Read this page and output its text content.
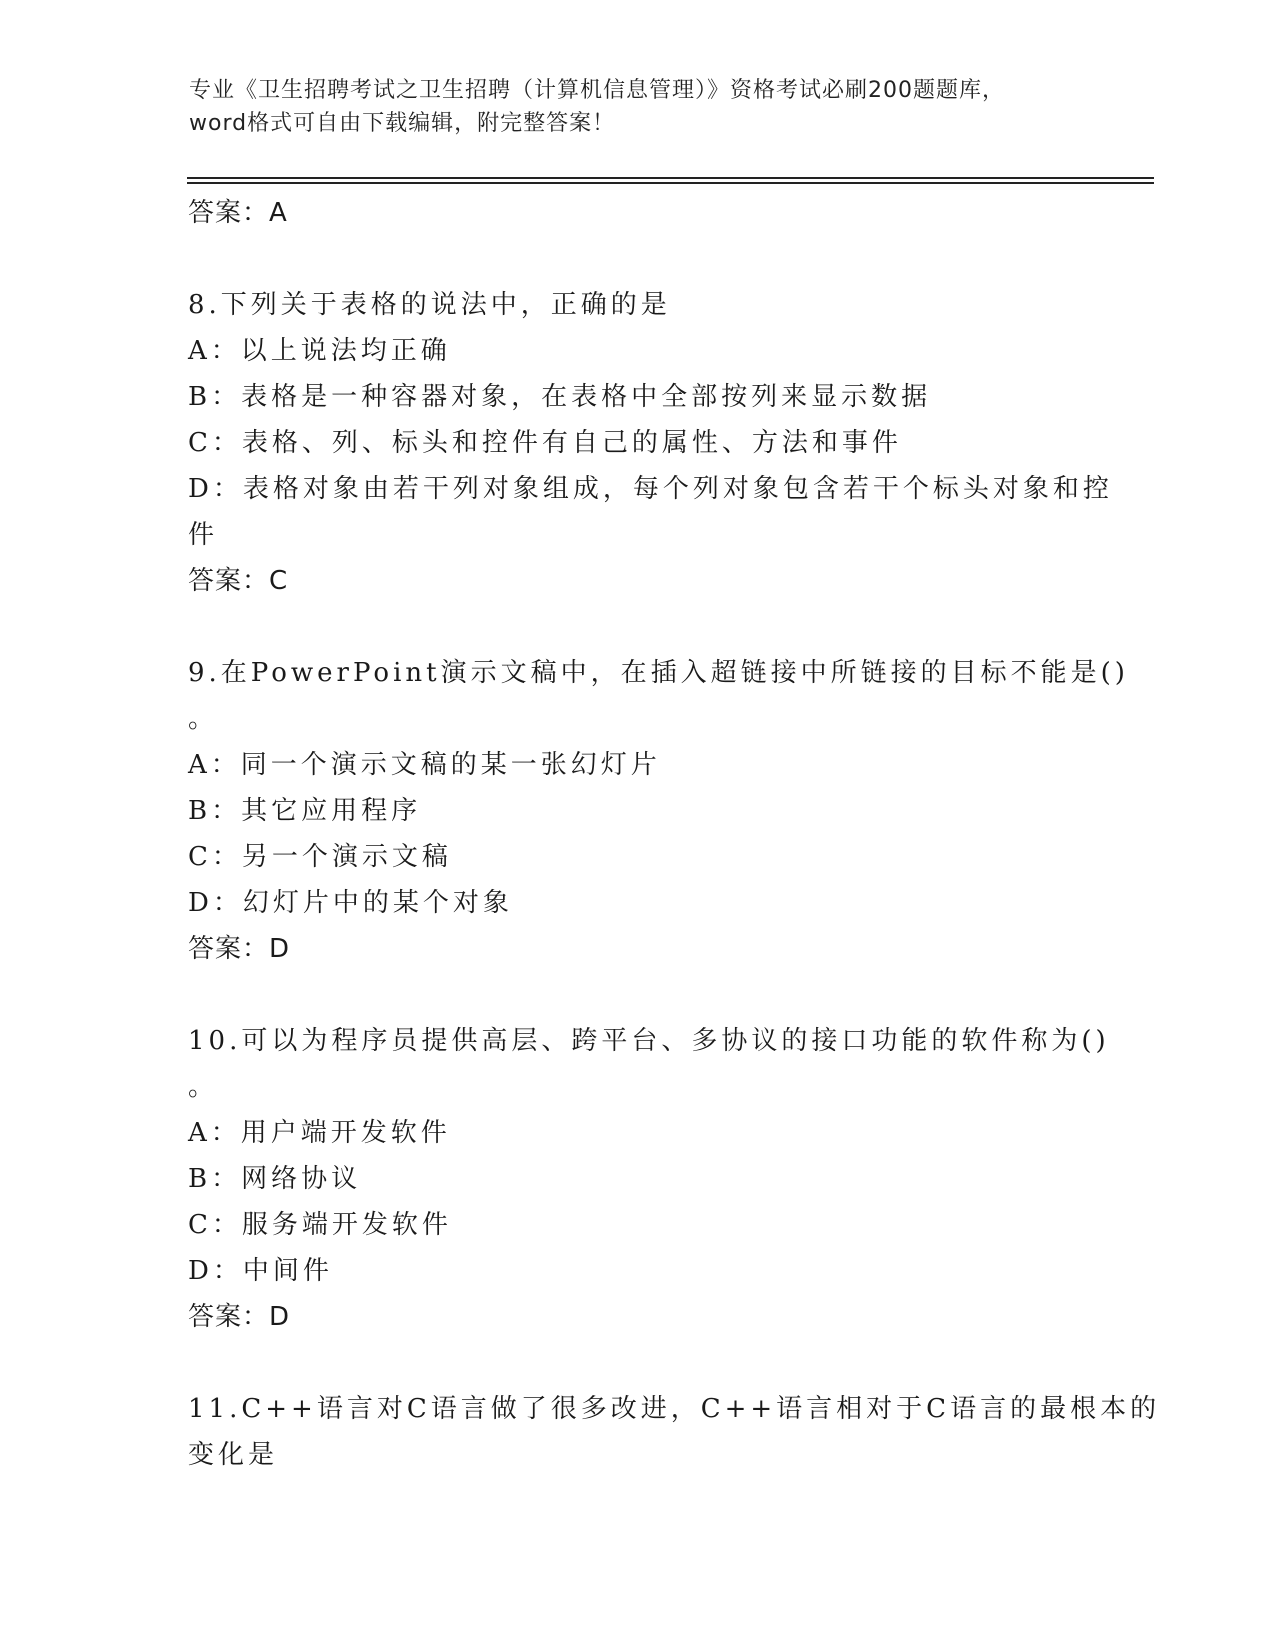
专业《卫生招聘考试之卫生招聘（计算机信息管理）》资格考试必刷200题题库，
word格式可自由下载编辑，附完整答案！
答案：A
8.下列关于表格的说法中，正确的是
A：以上说法均正确
B：表格是一种容器对象，在表格中全部按列来显示数据
C：表格、列、标头和控件有自己的属性、方法和事件
D：表格对象由若干列对象组成，每个列对象包含若干个标头对象和控
件
答案：C
9.在PowerPoint演示文稿中，在插入超链接中所链接的目标不能是()
。
A：同一个演示文稿的某一张幻灯片
B：其它应用程序
C：另一个演示文稿
D：幻灯片中的某个对象
答案：D
10.可以为程序员提供高层、跨平台、多协议的接口功能的软件称为()
。
A：用户端开发软件
B：网络协议
C：服务端开发软件
D：中间件
答案：D
11.C++语言对C语言做了很多改进，C++语言相对于C语言的最根本的
变化是
